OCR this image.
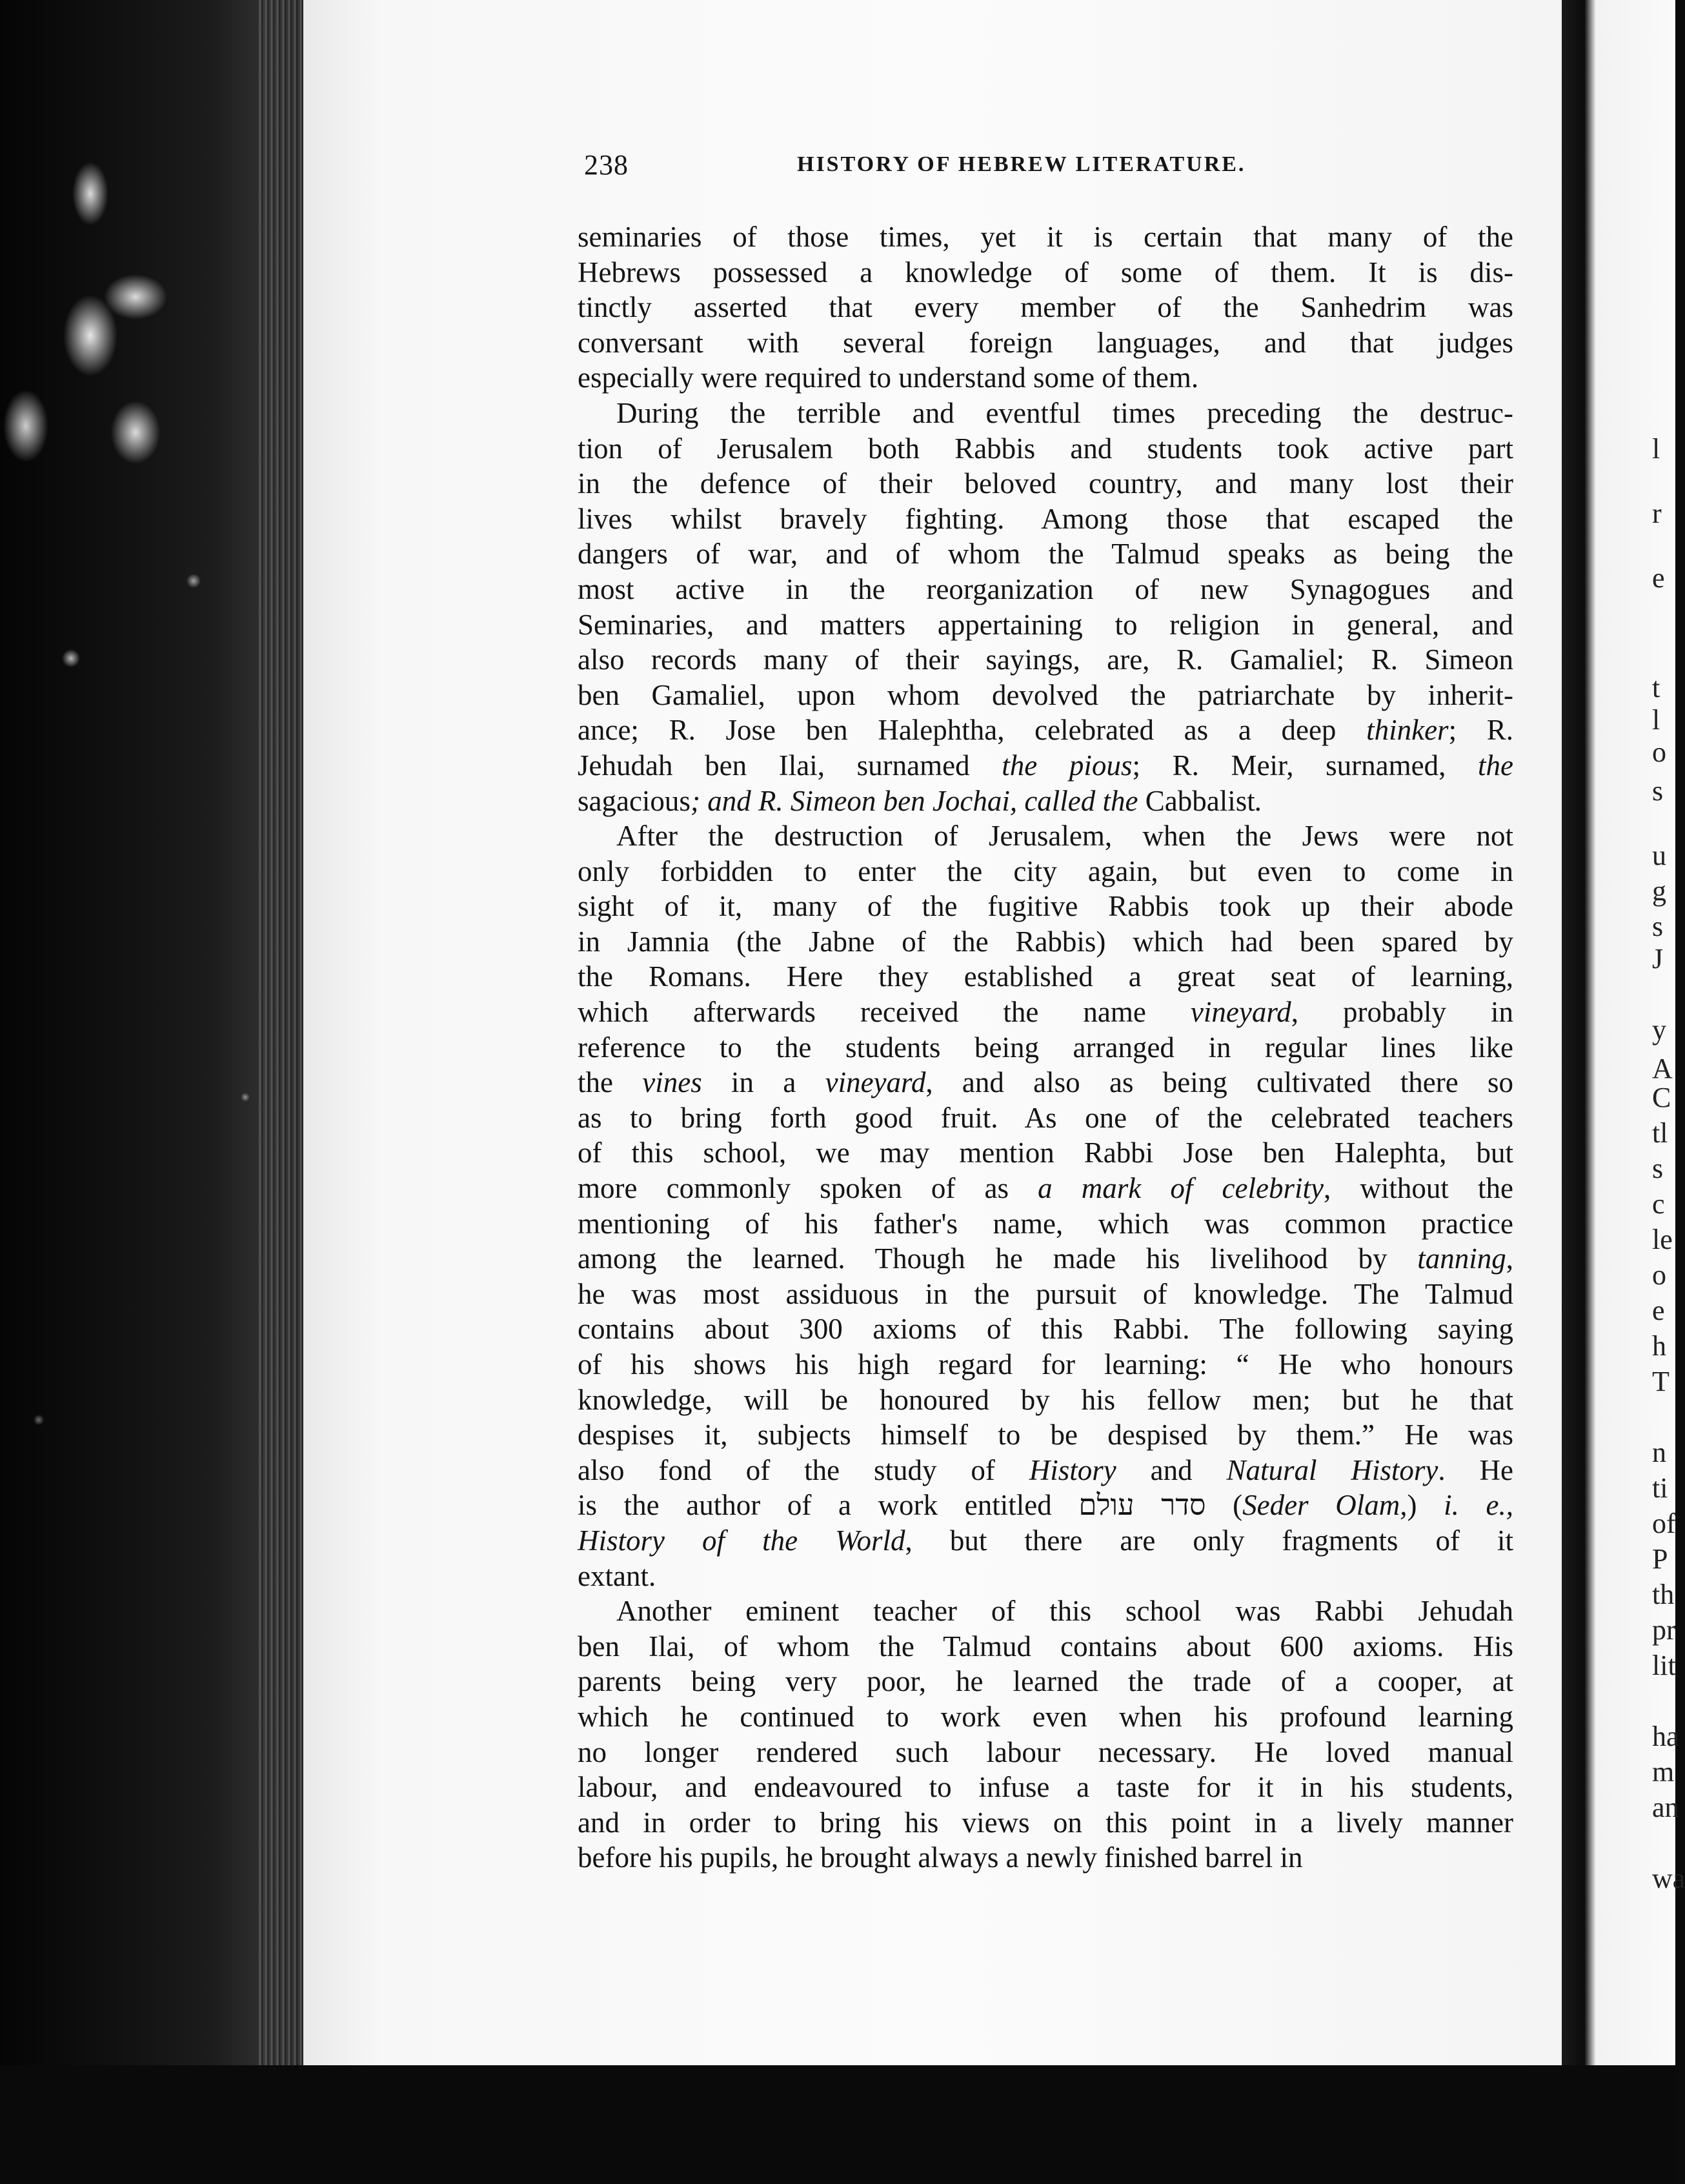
238	HISTORY OF HEBREW LITERATURE.
seminaries of those times, yet it is certain that many of the
Hebrews possessed a knowledge of some of them. It is dis-
tinctly asserted that every member of the Sanhedrim was
conversant with several foreign languages, and that judges
especially were required to understand some of them.
During the terrible and eventful times preceding the destruc-
tion of Jerusalem both Rabbis and students took active part
in the defence of their beloved country, and many lost their
lives whilst bravely fighting. Among those that escaped the
dangers of war, and of whom the Talmud speaks as being the
most active in the reorganization of new Synagogues and
Seminaries, and matters appertaining to religion in general, and
also records many of their sayings, are, R. Gamaliel; R. Simeon
ben Gamaliel, upon whom devolved the patriarchate by inherit-
ance; R. Jose ben Halephtha, celebrated as a deep thinker; R.
Jehudah ben Ilai, surnamed the pious; R. Meir, surnamed, the
sagacious; and R. Simeon ben Jochai, called the Cabbalist.
After the destruction of Jerusalem, when the Jews were not
only forbidden to enter the city again, but even to come in
sight of it, many of the fugitive Rabbis took up their abode
in Jamnia (the Jabne of the Rabbis) which had been spared by
the Romans. Here they established a great seat of learning,
which afterwards received the name vineyard, probably in
reference to the students being arranged in regular lines like
the vines in a vineyard, and also as being cultivated there so
as to bring forth good fruit. As one of the celebrated teachers
of this school, we may mention Rabbi Jose ben Halephta, but
more commonly spoken of as a mark of celebrity, without the
mentioning of his father's name, which was common practice
among the learned. Though he made his livelihood by tanning,
he was most assiduous in the pursuit of knowledge. The Talmud
contains about 300 axioms of this Rabbi. The following saying
of his shows his high regard for learning: “ He who honours
knowledge, will be honoured by his fellow men; but he that
despises it, subjects himself to be despised by them.” He was
also fond of the study of History and Natural History. He
is the author of a work entitled סדר עולם (Seder Olam,) i. e.,
History of the World, but there are only fragments of it
extant.
Another eminent teacher of this school was Rabbi Jehudah
ben Ilai, of whom the Talmud contains about 600 axioms. His
parents being very poor, he learned the trade of a cooper, at
which he continued to work even when his profound learning
no longer rendered such labour necessary. He loved manual
labour, and endeavoured to infuse a taste for it in his students,
and in order to bring his views on this point in a lively manner
before his pupils, he brought always a newly finished barrel in
l
r
e
t
l
o
s
u
g
s
J
y
A
C
tl
s
c
le
o
e
h
T
n
ti
of
P
th
pr
lit
ha
m
an
wa
